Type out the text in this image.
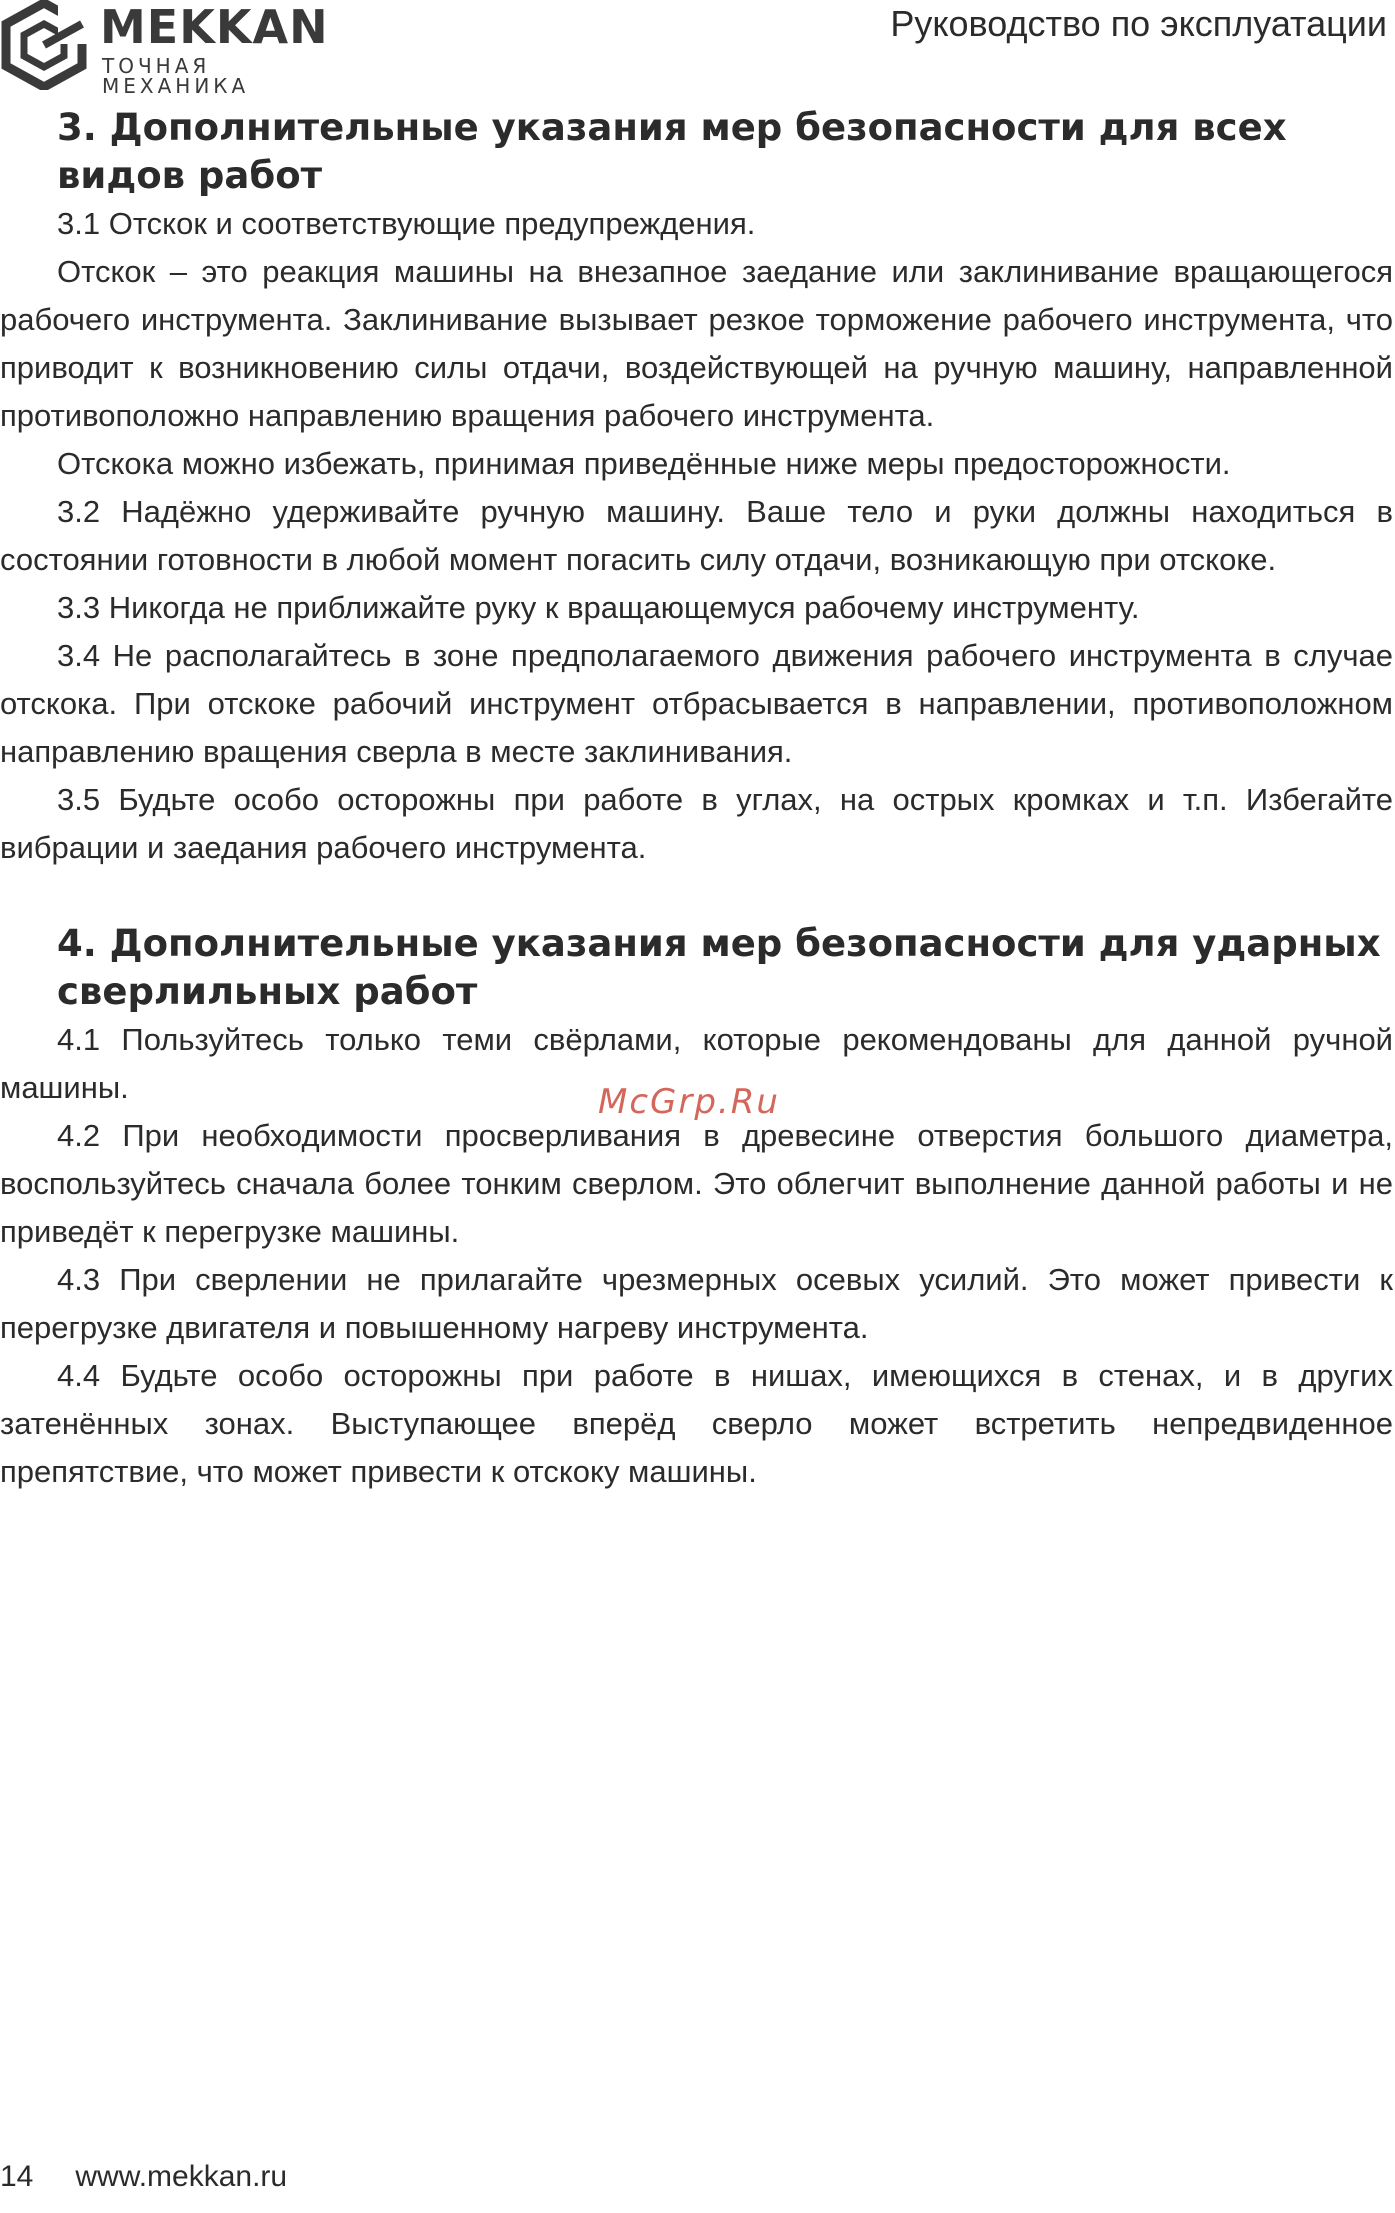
MEKKAN
ТОЧНАЯ МЕХАНИКА
Руководство по эксплуатации
3. Дополнительные указания мер безопасности для всех видов работ

3.1 Отскок и соответствующие предупреждения.

Отскок – это реакция машины на внезапное заедание или заклинивание вращающегося рабочего инструмента. Заклинивание вызывает резкое торможение рабочего инструмента, что приводит к возникновению силы отдачи, воздействующей на ручную машину, направленной противоположно направлению вращения рабочего инструмента.

Отскока можно избежать, принимая приведённые ниже меры предосторожности.

3.2 Надёжно удерживайте ручную машину. Ваше тело и руки должны находиться в состоянии готовности в любой момент погасить силу отдачи, возникающую при отскоке.

3.3 Никогда не приближайте руку к вращающемуся рабочему инструменту.

3.4 Не располагайтесь в зоне предполагаемого движения рабочего инструмента в случае отскока. При отскоке рабочий инструмент отбрасывается в направлении, противоположном направлению вращения сверла в месте заклинивания.

3.5 Будьте особо осторожны при работе в углах, на острых кромках и т.п. Избегайте вибрации и заедания рабочего инструмента.

4. Дополнительные указания мер безопасности для ударных сверлильных работ

4.1 Пользуйтесь только теми свёрлами, которые рекомендованы для данной ручной машины.

4.2 При необходимости просверливания в древесине отверстия большого диаметра, воспользуйтесь сначала более тонким сверлом. Это облегчит выполнение данной работы и не приведёт к перегрузке машины.

4.3 При сверлении не прилагайте чрезмерных осевых усилий. Это может привести к перегрузке двигателя и повышенному нагреву инструмента.

4.4 Будьте особо осторожны при работе в нишах, имеющихся в стенах, и в других затенённых зонах. Выступающее вперёд сверло может встретить непредвиденное препятствие, что может привести к отскоку машины.

McGrp.Ru
14 www.mekkan.ru
